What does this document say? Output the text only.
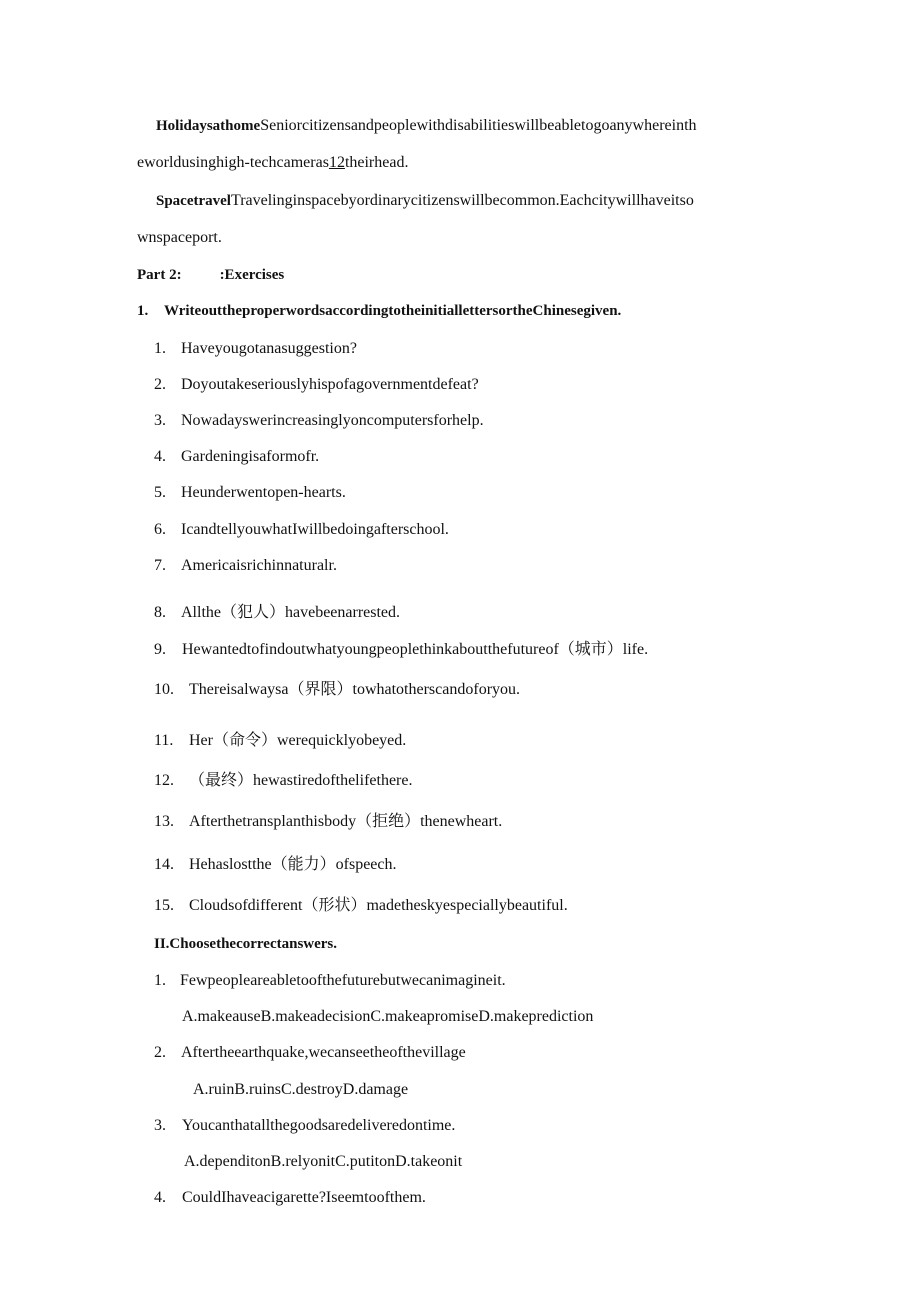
HolidaysathomeSeniorcitizensandpeoplewithdisabilitieswillbeabletogoanywhereinth
eworldusinghigh-techcameras12theirhead.
SpacetravelTravelinginspacebyordinarycitizenswillbecommon.Eachcitywillhaveitso
wnspaceport.
Part 2:	:Exercises
1. WriteouttheproperwordsaccordingtotheinitiallettersortheChinesegiven.
1. Haveyougotanasuggestion?
2. Doyoutakeseriouslyhispofagovernmentdefeat?
3. Nowadayswerincreasinglyoncomputersforhelp.
4. Gardeningisaformofr.
5. Heunderwentopen-hearts.
6. IcandtellyouwhatIwillbedoingafterschool.
7. Americaisrichinnaturalr.
8. Allthe（犯人）havebeenarrested.
9. Hewantedtofindoutwhatyoungpeoplethinkaboutthefutureof（城市）life.
10. Thereisalwaysa（界限）towhatotherscandoforyou.
11. Her（命令）werequicklyobeyed.
12. （最终）hewastiredofthelifethere.
13. Afterthetransplanthisbody（拒绝）thenewheart.
14. Hehaslostthe（能力）ofspeech.
15. Cloudsofdifferent（形状）madetheskyespeciallybeautiful.
II.Choosethecorrectanswers.
1. Fewpeopleareabletoofthefuturebutwecanimagineit.
A.makeauseB.makeadecisionC.makeapromiseD.makeprediction
2. Aftertheearthquake,wecanseetheofthevillage
A.ruinB.ruinsC.destroyD.damage
3. Youcanthatallthegoodsaredeliveredontime.
A.dependitonB.relyonitC.putitonD.takeonit
4. CouldIhaveacigarette?Iseemtoofthem.
